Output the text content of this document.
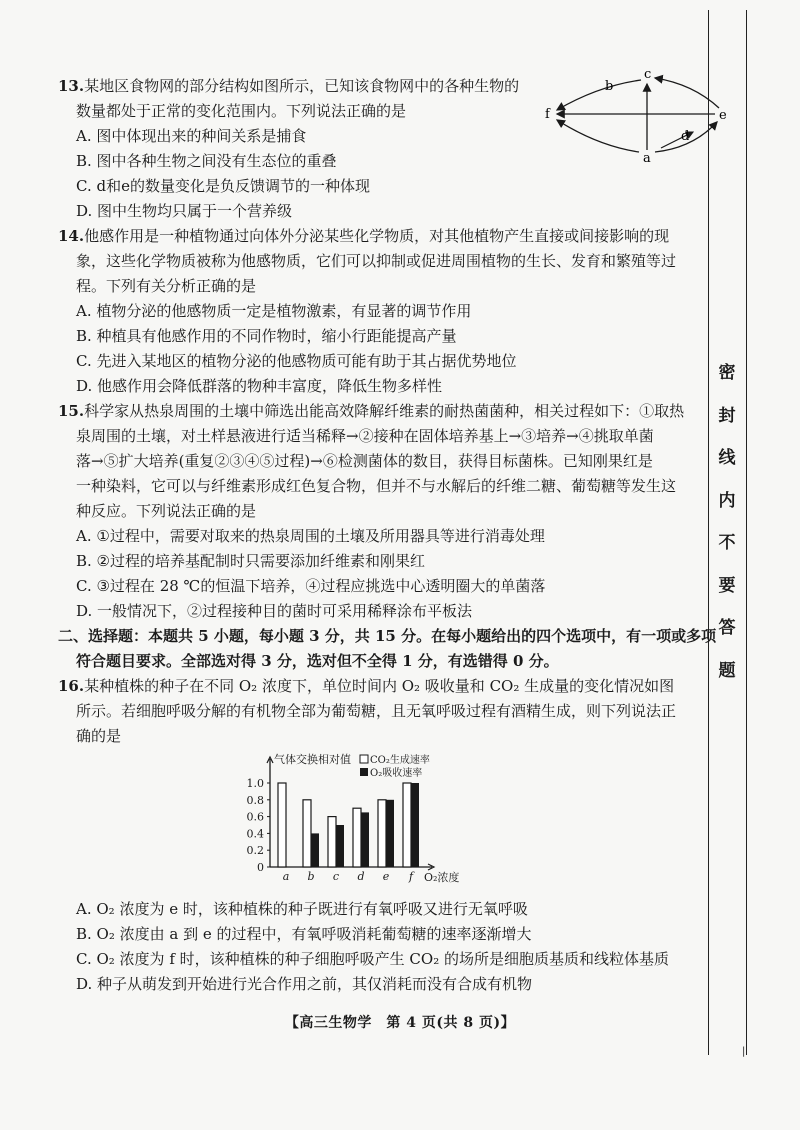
密
封
线
内
不
要
答
题
|
c
b
f	e
d
a

13.某地区食物网的部分结构如图所示，已知该食物网中的各种生物的

数量都处于正常的变化范围内。下列说法正确的是

A. 图中体现出来的种间关系是捕食
B. 图中各种生物之间没有生态位的重叠
C. d和e的数量变化是负反馈调节的一种体现
D. 图中生物均只属于一个营养级

14.他感作用是一种植物通过向体外分泌某些化学物质，对其他植物产生直接或间接影响的现

象，这些化学物质被称为他感物质，它们可以抑制或促进周围植物的生长、发育和繁殖等过

程。下列有关分析正确的是

A. 植物分泌的他感物质一定是植物激素，有显著的调节作用
B. 种植具有他感作用的不同作物时，缩小行距能提高产量
C. 先进入某地区的植物分泌的他感物质可能有助于其占据优势地位
D. 他感作用会降低群落的物种丰富度，降低生物多样性

15.科学家从热泉周围的土壤中筛选出能高效降解纤维素的耐热菌菌种，相关过程如下：①取热

泉周围的土壤，对土样悬液进行适当稀释→②接种在固体培养基上→③培养→④挑取单菌

落→⑤扩大培养(重复②③④⑤过程)→⑥检测菌体的数目，获得目标菌株。已知刚果红是

一种染料，它可以与纤维素形成红色复合物，但并不与水解后的纤维二糖、葡萄糖等发生这

种反应。下列说法正确的是

A. ①过程中，需要对取来的热泉周围的土壤及所用器具等进行消毒处理
B. ②过程的培养基配制时只需要添加纤维素和刚果红
C. ③过程在 28 ℃的恒温下培养，④过程应挑选中心透明圈大的单菌落
D. 一般情况下，②过程接种目的菌时可采用稀释涂布平板法
二、选择题：本题共 5 小题，每小题 3 分，共 15 分。在每小题给出的四个选项中，有一项或多项
符合题目要求。全部选对得 3 分，选对但不全得 1 分，有选错得 0 分。

16.某种植株的种子在不同 O₂ 浓度下，单位时间内 O₂ 吸收量和 CO₂ 生成量的变化情况如图

所示。若细胞呼吸分解的有机物全部为葡萄糖，且无氧呼吸过程有酒精生成，则下列说法正

确的是

0
0.2
0.4
0.6
0.8
1.0
气体交换相对值 CO₂生成速率
O₂吸收速率
a b c d e f O₂浓度
A. O₂ 浓度为 e 时，该种植株的种子既进行有氧呼吸又进行无氧呼吸
B. O₂ 浓度由 a 到 e 的过程中，有氧呼吸消耗葡萄糖的速率逐渐增大
C. O₂ 浓度为 f 时，该种植株的种子细胞呼吸产生 CO₂ 的场所是细胞质基质和线粒体基质
D. 种子从萌发到开始进行光合作用之前，其仅消耗而没有合成有机物
【高三生物学　第 4 页(共 8 页)】
